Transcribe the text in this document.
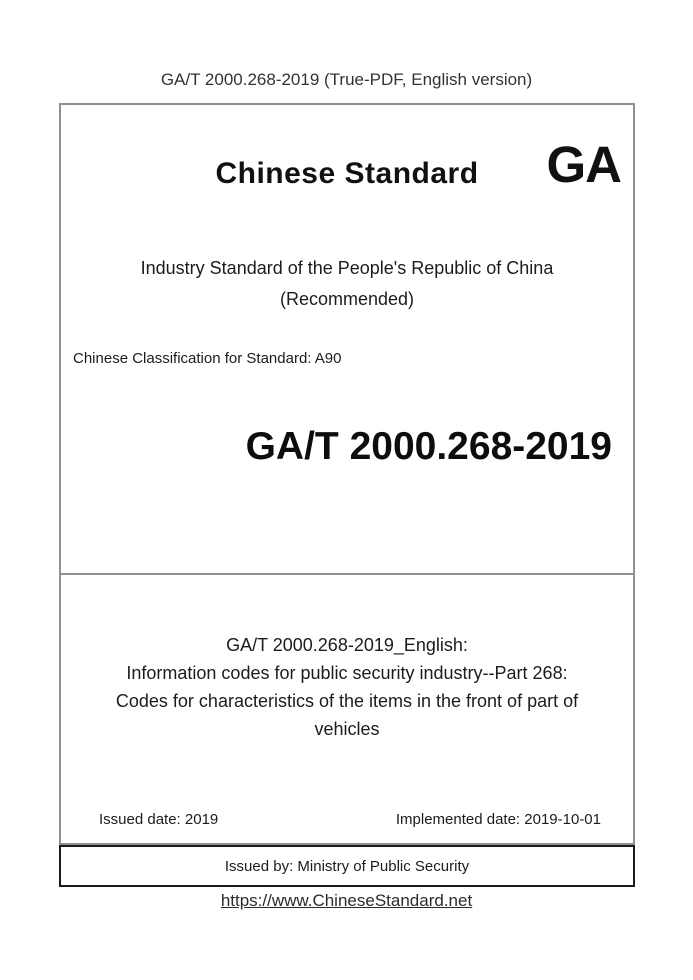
GA/T 2000.268-2019 (True-PDF, English version)
Chinese Standard	GA
Industry Standard of the People's Republic of China
(Recommended)
Chinese Classification for Standard: A90
GA/T 2000.268-2019
GA/T 2000.268-2019_English:
Information codes for public security industry--Part 268:
Codes for characteristics of the items in the front of part of
vehicles
Issued date: 2019	Implemented date: 2019-10-01
Issued by: Ministry of Public Security
https://www.ChineseStandard.net
